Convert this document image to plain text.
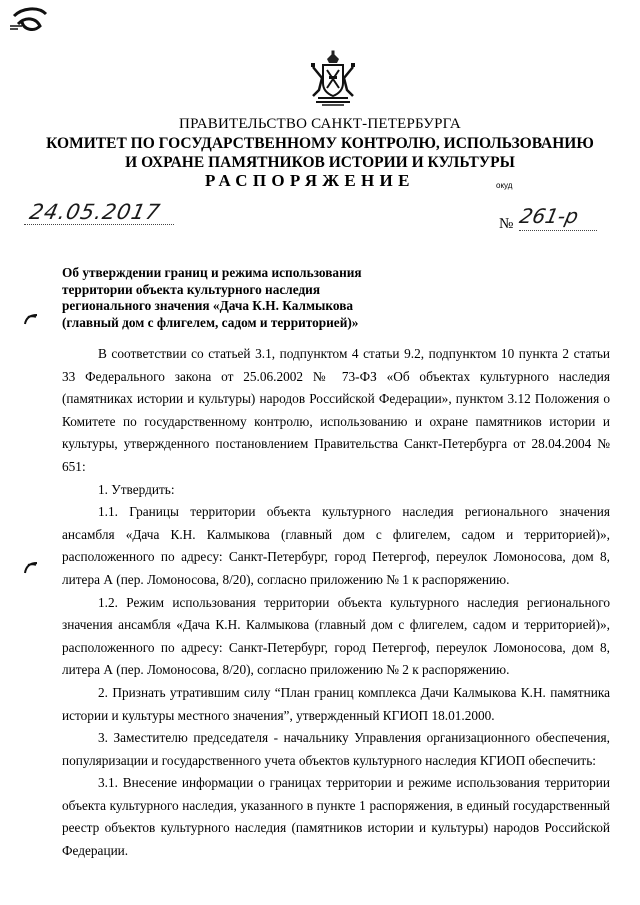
ПРАВИТЕЛЬСТВО САНКТ-ПЕТЕРБУРГА
КОМИТЕТ ПО ГОСУДАРСТВЕННОМУ КОНТРОЛЮ, ИСПОЛЬЗОВАНИЮ
И ОХРАНЕ ПАМЯТНИКОВ ИСТОРИИ И КУЛЬТУРЫ
РАСПОРЯЖЕНИЕ	окуд
24.05.2017	№ 261-р
Об утверждении границ и режима использования
территории объекта культурного наследия
регионального значения «Дача К.Н. Калмыкова
(главный дом с флигелем, садом и территорией)»

В соответствии со статьей 3.1, подпунктом 4 статьи 9.2, подпунктом 10 пункта 2 статьи 33 Федерального закона от 25.06.2002 № 73-ФЗ «Об объектах культурного наследия (памятниках истории и культуры) народов Российской Федерации», пунктом 3.12 Положения о Комитете по государственному контролю, использованию и охране памятников истории и культуры, утвержденного постановлением Правительства Санкт-Петербурга от 28.04.2004 № 651:

1. Утвердить:

1.1. Границы территории объекта культурного наследия регионального значения ансамбля «Дача К.Н. Калмыкова (главный дом с флигелем, садом и территорией)», расположенного по адресу: Санкт-Петербург, город Петергоф, переулок Ломоносова, дом 8, литера А (пер. Ломоносова, 8/20), согласно приложению № 1 к распоряжению.

1.2. Режим использования территории объекта культурного наследия регионального значения ансамбля «Дача К.Н. Калмыкова (главный дом с флигелем, садом и территорией)», расположенного по адресу: Санкт-Петербург, город Петергоф, переулок Ломоносова, дом 8, литера А (пер. Ломоносова, 8/20), согласно приложению № 2 к распоряжению.

2. Признать утратившим силу “План границ комплекса Дачи Калмыкова К.Н. памятника истории и культуры местного значения”, утвержденный КГИОП 18.01.2000.

3. Заместителю председателя - начальнику Управления организационного обеспечения, популяризации и государственного учета объектов культурного наследия КГИОП обеспечить:

3.1. Внесение информации о границах территории и режиме использования территории объекта культурного наследия, указанного в пункте 1 распоряжения, в единый государственный реестр объектов культурного наследия (памятников истории и культуры) народов Российской Федерации.
